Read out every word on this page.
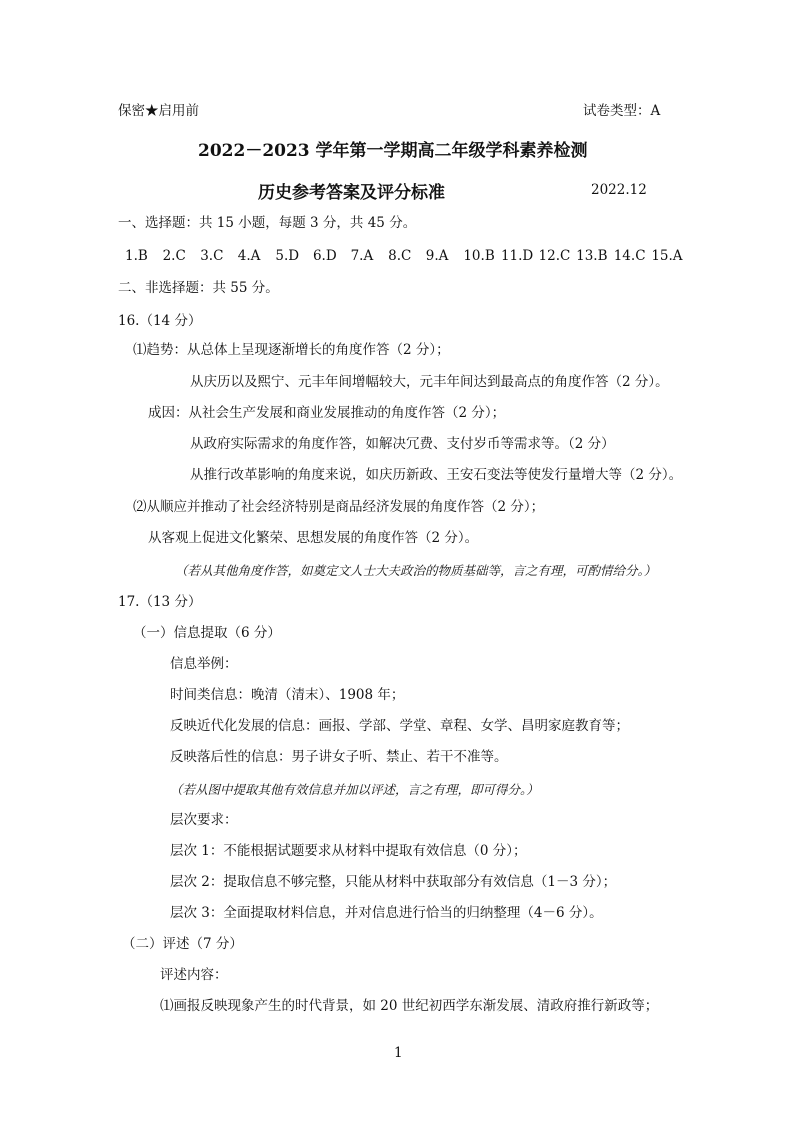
保密★启用前	试卷类型：A
2022－2023 学年第一学期高二年级学科素养检测
历史参考答案及评分标准	2022.12
一、选择题：共 15 小题，每题 3 分，共 45 分。
1.B	2.C	3.C	4.A	5.D	6.D	7.A	8.C	9.A	10.B 11.D 12.C 13.B 14.C 15.A
二、非选择题：共 55 分。
16.（14 分）
⑴趋势：从总体上呈现逐渐增长的角度作答（2 分）；
从庆历以及熙宁、元丰年间增幅较大，元丰年间达到最高点的角度作答（2 分）。
成因：从社会生产发展和商业发展推动的角度作答（2 分）；
从政府实际需求的角度作答，如解决冗费、支付岁币等需求等。（2 分）
从推行改革影响的角度来说，如庆历新政、王安石变法等使发行量增大等（2 分）。
⑵从顺应并推动了社会经济特别是商品经济发展的角度作答（2 分）；
从客观上促进文化繁荣、思想发展的角度作答（2 分）。
（若从其他角度作答，如奠定文人士大夫政治的物质基础等，言之有理，可酌情给分。）
17.（13 分）
（一）信息提取（6 分）
信息举例：
时间类信息：晚清（清末）、1908 年；
反映近代化发展的信息：画报、学部、学堂、章程、女学、昌明家庭教育等；
反映落后性的信息：男子讲女子听、禁止、若干不准等。
（若从图中提取其他有效信息并加以评述，言之有理，即可得分。）
层次要求：
层次 1：不能根据试题要求从材料中提取有效信息（0 分）；
层次 2：提取信息不够完整，只能从材料中获取部分有效信息（1－3 分）；
层次 3：全面提取材料信息，并对信息进行恰当的归纳整理（4－6 分）。
（二）评述（7 分）
评述内容：
⑴画报反映现象产生的时代背景，如 20 世纪初西学东渐发展、清政府推行新政等；
1
